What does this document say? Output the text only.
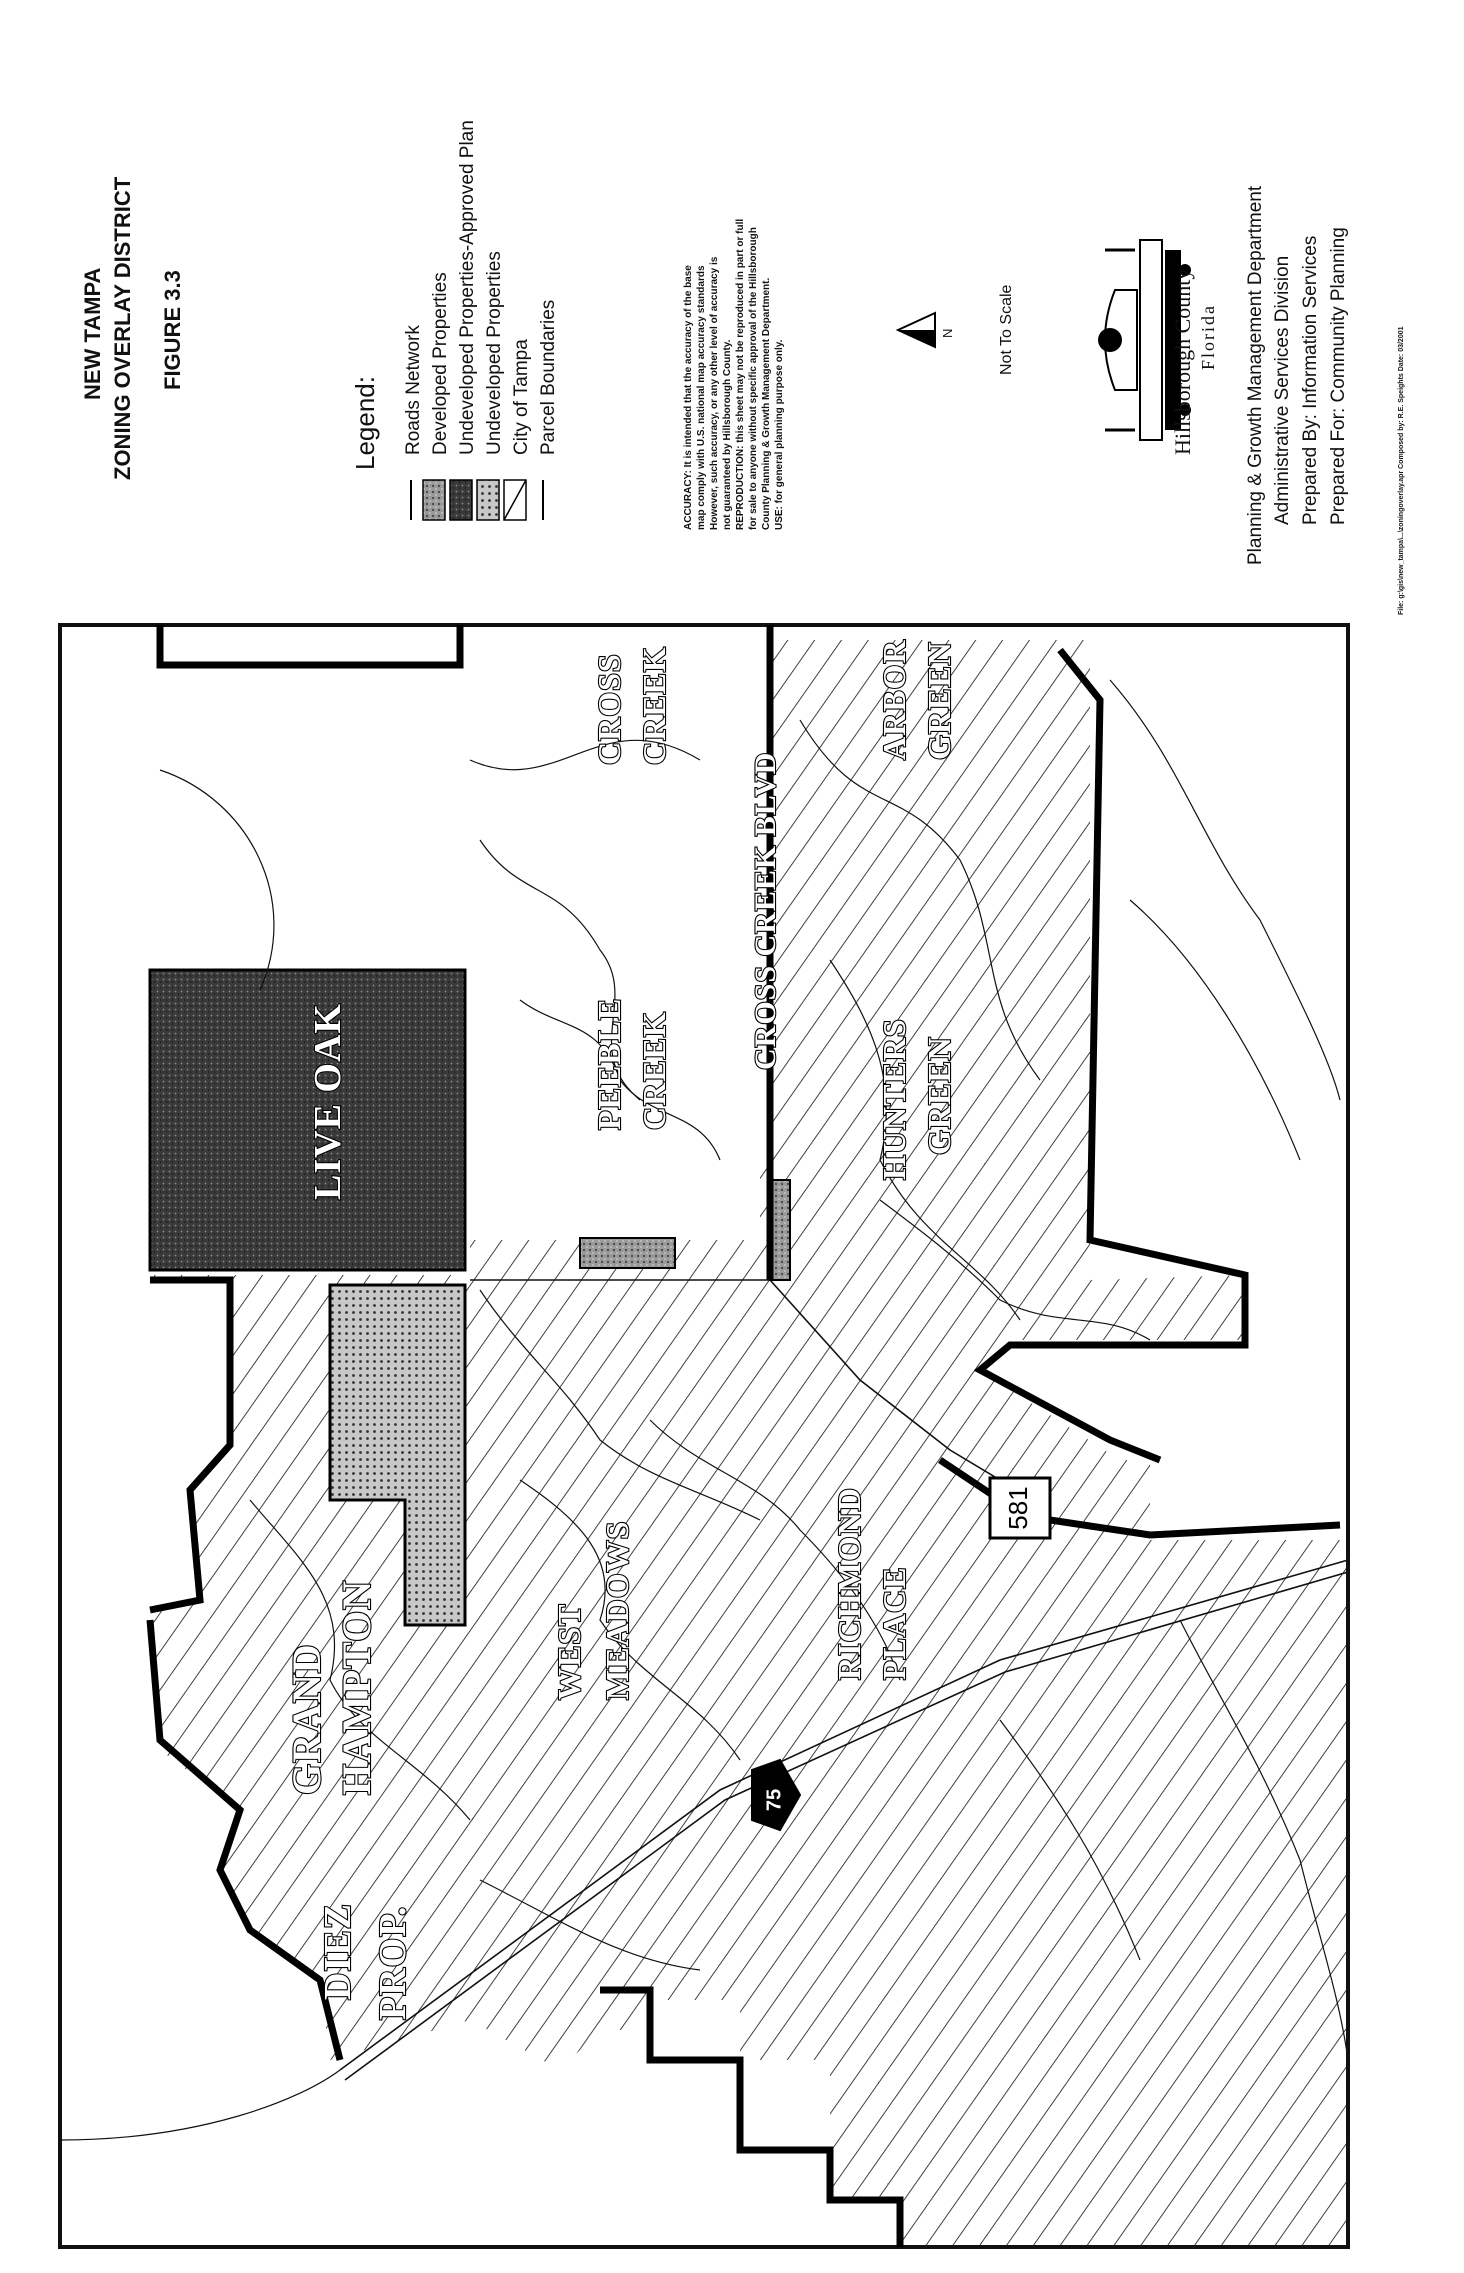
581
75
LIVE OAK	PEEBLE CREEK
CROSS CREEK
CROSS CREEK BLVD
ARBOR GREEN
HUNTERS GREEN
GRAND HAMPTON	WEST MEADOWS	RICHMOND PLACE
DIEZ PROP.
NEW TAMPA ZONING OVERLAY DISTRICT FIGURE 3.3
Legend: Roads Network Developed Properties Undeveloped Properties-Approved Plan Undeveloped Properties City of Tampa Parcel Boundaries	ACCURACY: It is intended that the accuracy of the base map comply with U.S. national map accuracy standards However, such accuracy, or any other level of accuracy is not guaranteed by Hillsborough County. REPRODUCTION: this sheet may not be reproduced in part or full for sale to anyone without specific approval of the Hillsborough County Planning & Growth Management Department. USE: for general planning purpose only.
N	Not To Scale	Hillsborough County Florida Planning & Growth Management Department Administrative Services Division Prepared By: Information Services Prepared For: Community Planning	File: g:\gis\new_tampa\...\zoningoverlay.apr Composed by: R.E. Speights Date: 03/2001
